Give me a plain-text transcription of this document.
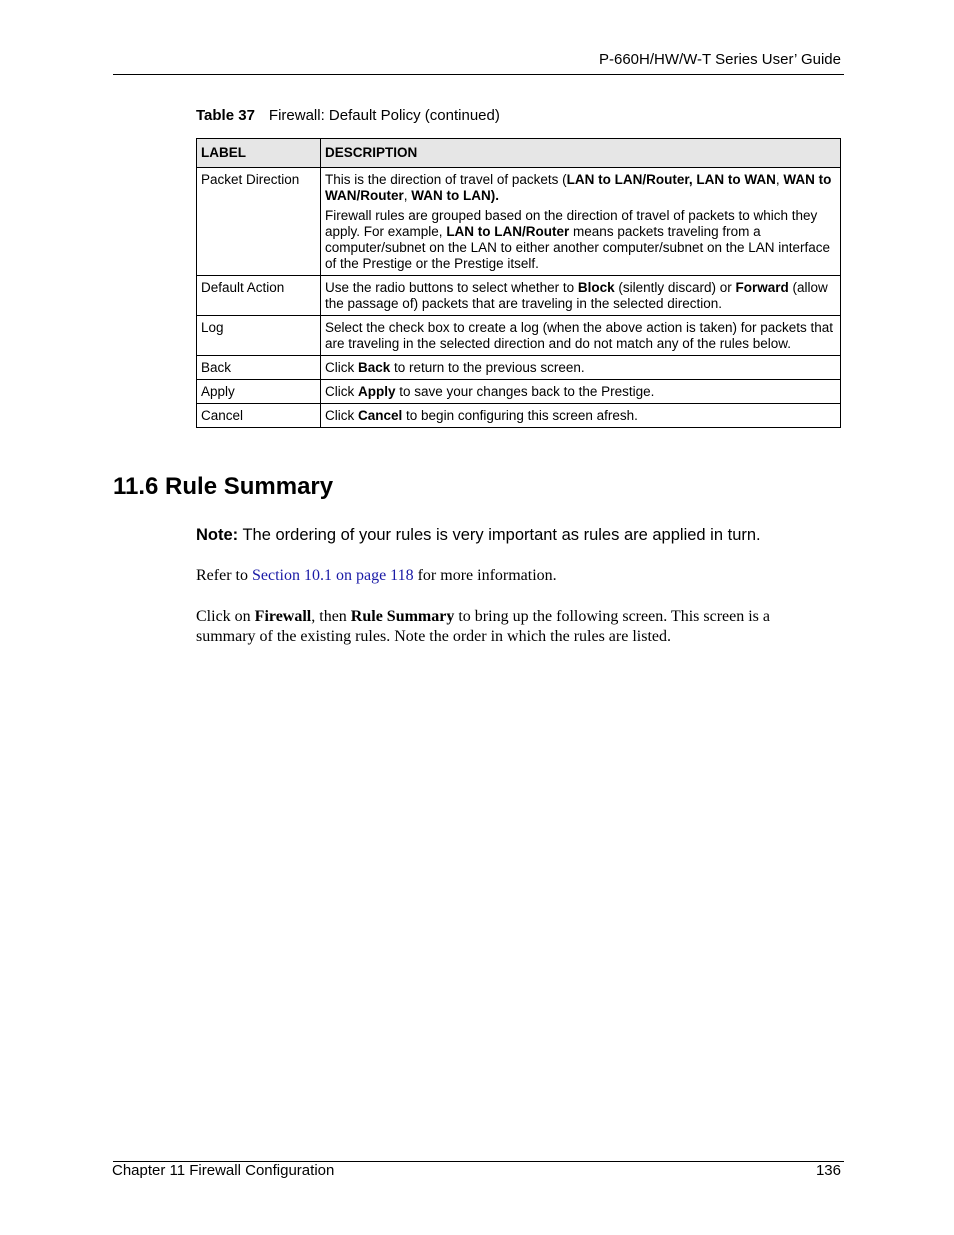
P-660H/HW/W-T Series User’ Guide
Table 37 Firewall: Default Policy (continued)
LABEL	DESCRIPTION
Packet Direction	This is the direction of travel of packets (LAN to LAN/Router, LAN to WAN, WAN to WAN/Router, WAN to LAN).

Firewall rules are grouped based on the direction of travel of packets to which they apply. For example, LAN to LAN/Router means packets traveling from a computer/subnet on the LAN to either another computer/subnet on the LAN interface of the Prestige or the Prestige itself.

Default Action	Use the radio buttons to select whether to Block (silently discard) or Forward (allow the passage of) packets that are traveling in the selected direction.
Log	Select the check box to create a log (when the above action is taken) for packets that are traveling in the selected direction and do not match any of the rules below.
Back	Click Back to return to the previous screen.
Apply	Click Apply to save your changes back to the Prestige.
Cancel	Click Cancel to begin configuring this screen afresh.
11.6 Rule Summary
Note: The ordering of your rules is very important as rules are applied in turn.
Refer to Section 10.1 on page 118 for more information.
Click on Firewall, then Rule Summary to bring up the following screen. This screen is a summary of the existing rules. Note the order in which the rules are listed.
Chapter 11 Firewall Configuration	136
